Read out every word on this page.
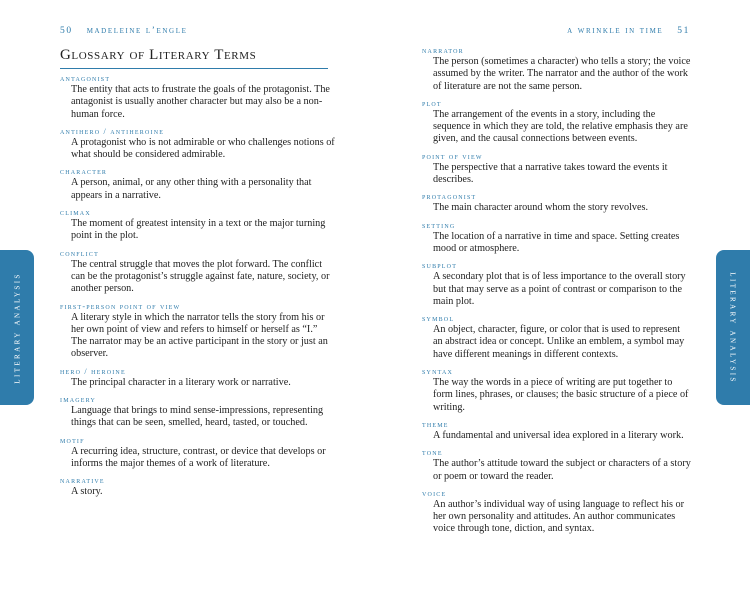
50 madeleine l’engle
Glossary of Literary Terms
antagonist
The entity that acts to frustrate the goals of the protagonist. The antagonist is usually another character but may also be a non-human force.
antihero / antiheroine
A protagonist who is not admirable or who challenges notions of what should be considered admirable.
character
A person, animal, or any other thing with a personality that appears in a narrative.
climax
The moment of greatest intensity in a text or the major turning point in the plot.
conflict
The central struggle that moves the plot forward. The conflict can be the protagonist’s struggle against fate, nature, society, or another person.
first-person point of view
A literary style in which the narrator tells the story from his or her own point of view and refers to himself or herself as “I.” The narrator may be an active participant in the story or just an observer.
hero / heroine
The principal character in a literary work or narrative.
imagery
Language that brings to mind sense-impressions, representing things that can be seen, smelled, heard, tasted, or touched.
motif
A recurring idea, structure, contrast, or device that develops or informs the major themes of a work of literature.
narrative
A story.
literary analysis
a wrinkle in time 51
narrator
The person (sometimes a character) who tells a story; the voice assumed by the writer. The narrator and the author of the work of literature are not the same person.
plot
The arrangement of the events in a story, including the sequence in which they are told, the relative emphasis they are given, and the causal connections between events.
point of view
The perspective that a narrative takes toward the events it describes.
protagonist
The main character around whom the story revolves.
setting
The location of a narrative in time and space. Setting creates mood or atmosphere.
subplot
A secondary plot that is of less importance to the overall story but that may serve as a point of contrast or comparison to the main plot.
symbol
An object, character, figure, or color that is used to represent an abstract idea or concept. Unlike an emblem, a symbol may have different meanings in different contexts.
syntax
The way the words in a piece of writing are put together to form lines, phrases, or clauses; the basic structure of a piece of writing.
theme
A fundamental and universal idea explored in a literary work.
tone
The author’s attitude toward the subject or characters of a story or poem or toward the reader.
voice
An author’s individual way of using language to reflect his or her own personality and attitudes. An author communicates voice through tone, diction, and syntax.
literary analysis
